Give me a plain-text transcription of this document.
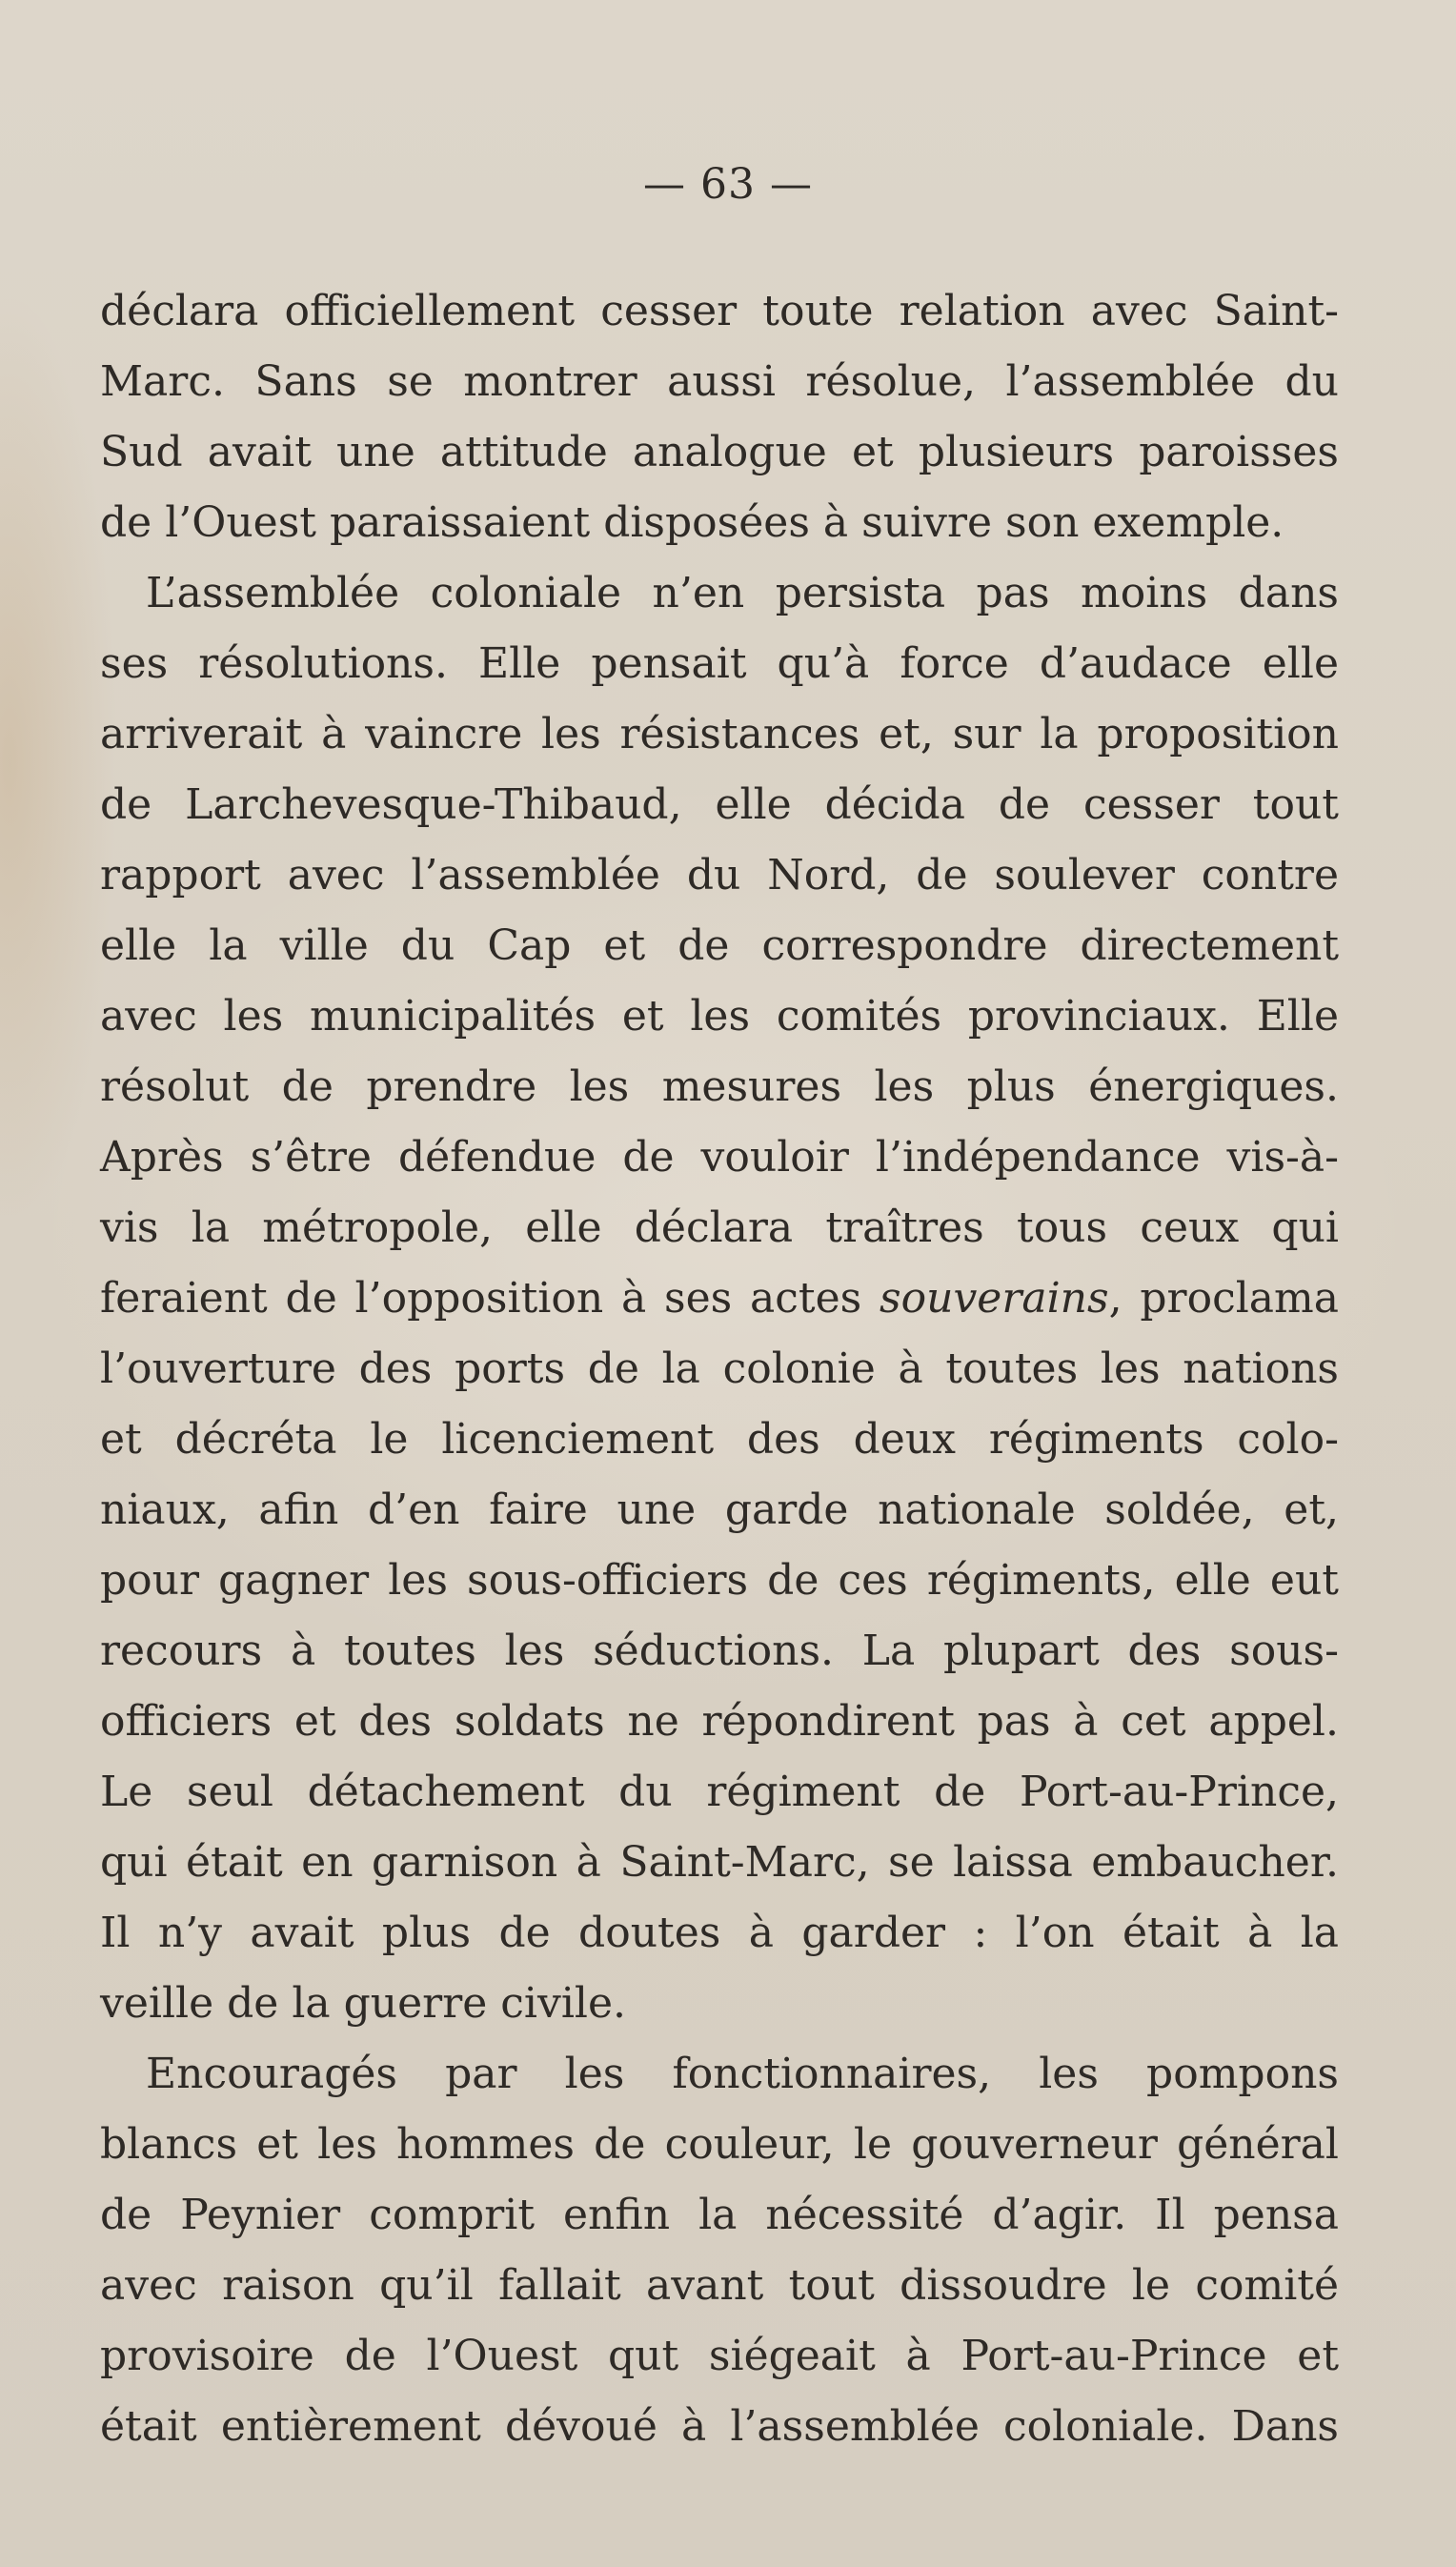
— 63 —
déclara officiellement cesser toute relation avec Saint-
Marc. Sans se montrer aussi résolue, l’assemblée du
Sud avait une attitude analogue et plusieurs paroisses
de l’Ouest paraissaient disposées à suivre son exemple.
L’assemblée coloniale n’en persista pas moins dans
ses résolutions. Elle pensait qu’à force d’audace elle
arriverait à vaincre les résistances et, sur la proposition
de Larchevesque-Thibaud, elle décida de cesser tout
rapport avec l’assemblée du Nord, de soulever contre
elle la ville du Cap et de correspondre directement
avec les municipalités et les comités provinciaux. Elle
résolut de prendre les mesures les plus énergiques.
Après s’être défendue de vouloir l’indépendance vis-à-
vis la métropole, elle déclara traîtres tous ceux qui
feraient de l’opposition à ses actes souverains, proclama
l’ouverture des ports de la colonie à toutes les nations
et décréta le licenciement des deux régiments colo-
niaux, afin d’en faire une garde nationale soldée, et,
pour gagner les sous-officiers de ces régiments, elle eut
recours à toutes les séductions. La plupart des sous-
officiers et des soldats ne répondirent pas à cet appel.
Le seul détachement du régiment de Port-au-Prince,
qui était en garnison à Saint-Marc, se laissa embaucher.
Il n’y avait plus de doutes à garder : l’on était à la
veille de la guerre civile.
Encouragés par les fonctionnaires, les pompons
blancs et les hommes de couleur, le gouverneur général
de Peynier comprit enfin la nécessité d’agir. Il pensa
avec raison qu’il fallait avant tout dissoudre le comité
provisoire de l’Ouest qut siégeait à Port-au-Prince et
était entièrement dévoué à l’assemblée coloniale. Dans
